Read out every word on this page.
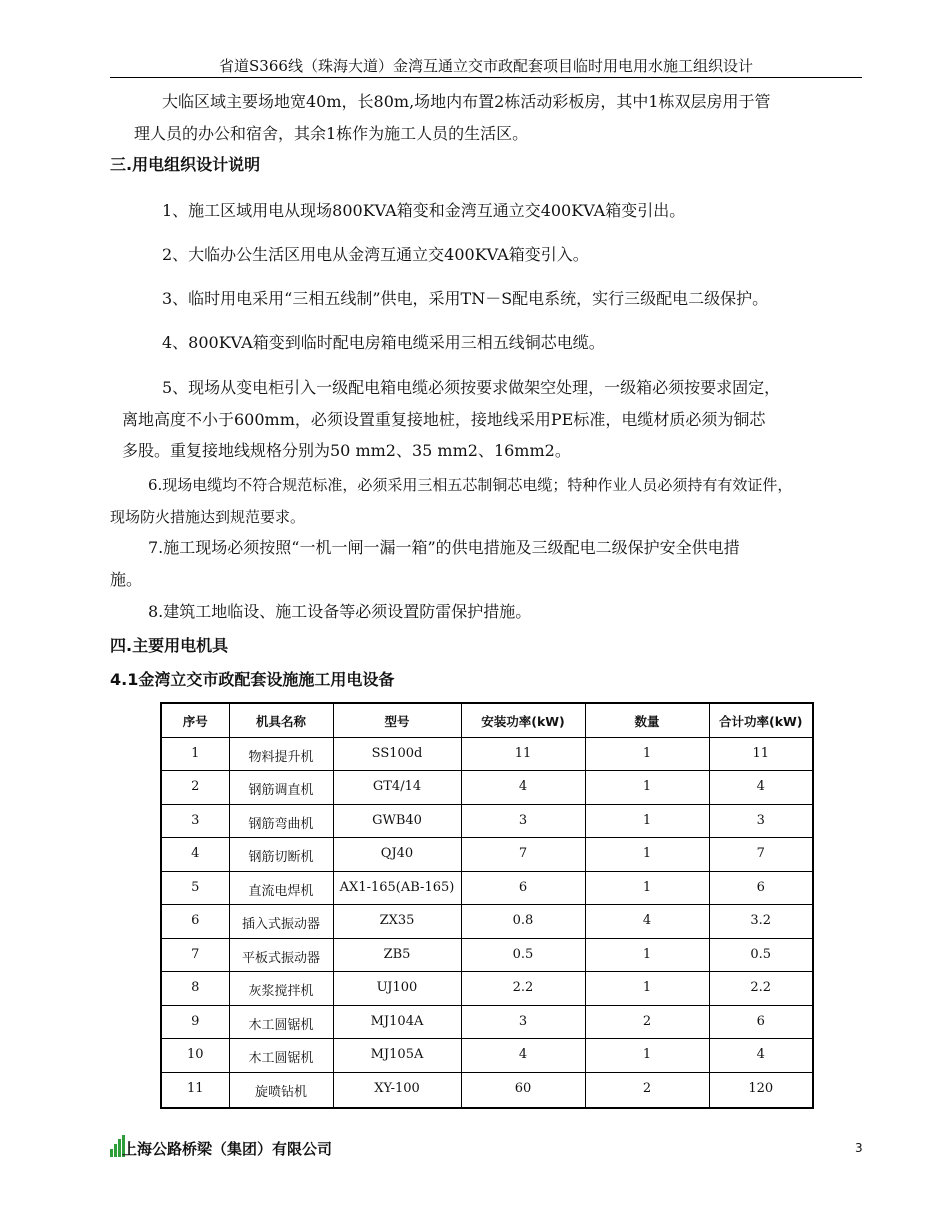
省道S366线（珠海大道）金湾互通立交市政配套项目临时用电用水施工组织设计
大临区域主要场地宽40m，长80m,场地内布置2栋活动彩板房，其中1栋双层房用于管
理人员的办公和宿舍，其余1栋作为施工人员的生活区。
三.用电组织设计说明
1、施工区域用电从现场800KVA箱变和金湾互通立交400KVA箱变引出。
2、大临办公生活区用电从金湾互通立交400KVA箱变引入。
3、临时用电采用“三相五线制”供电，采用TN－S配电系统，实行三级配电二级保护。
4、800KVA箱变到临时配电房箱电缆采用三相五线铜芯电缆。
5、现场从变电柜引入一级配电箱电缆必须按要求做架空处理，一级箱必须按要求固定，
离地高度不小于600mm，必须设置重复接地桩，接地线采用PE标准，电缆材质必须为铜芯
多股。重复接地线规格分别为50 mm2、35 mm2、16mm2。
6.现场电缆均不符合规范标准，必须采用三相五芯制铜芯电缆；特种作业人员必须持有有效证件，
现场防火措施达到规范要求。
7.施工现场必须按照“一机一闸一漏一箱”的供电措施及三级配电二级保护安全供电措
施。
8.建筑工地临设、施工设备等必须设置防雷保护措施。
四.主要用电机具
4.1金湾立交市政配套设施施工用电设备
序号	机具名称	型号	安装功率(kW)	数量	合计功率(kW)
1	物料提升机	SS100d	11	1	11
2	钢筋调直机	GT4/14	4	1	4
3	钢筋弯曲机	GWB40	3	1	3
4	钢筋切断机	QJ40	7	1	7
5	直流电焊机	AX1-165(AB-165)	6	1	6
6	插入式振动器	ZX35	0.8	4	3.2
7	平板式振动器	ZB5	0.5	1	0.5
8	灰浆搅拌机	UJ100	2.2	1	2.2
9	木工圆锯机	MJ104A	3	2	6
10	木工圆锯机	MJ105A	4	1	4
11	旋喷钻机	XY-100	60	2	120
上海公路桥梁（集团）有限公司	3
